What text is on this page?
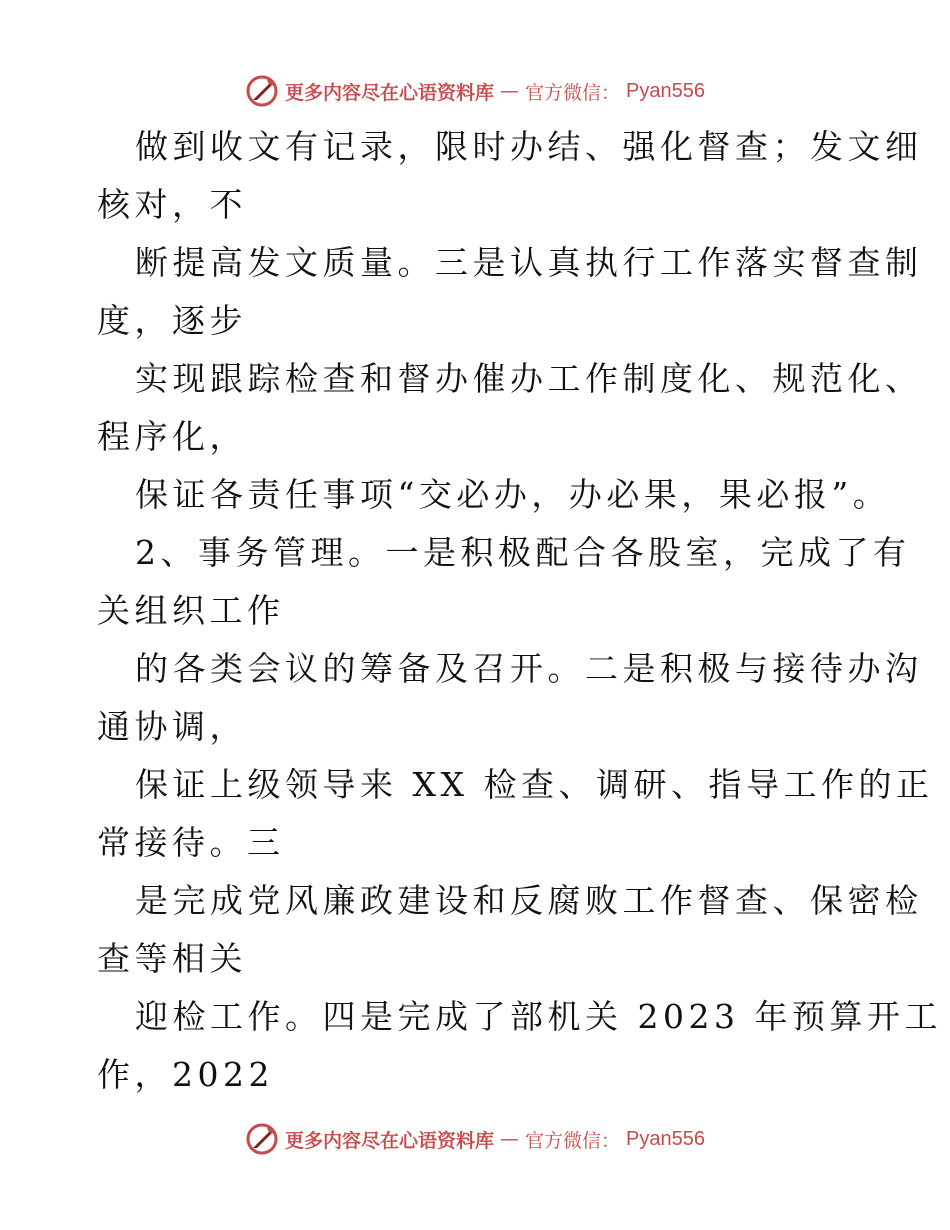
更多内容尽在心语资料库 — 官方微信： Pyan556
做到收文有记录，限时办结、强化督查；发文细
核对，不
断提高发文质量。三是认真执行工作落实督查制
度，逐步
实现跟踪检查和督办催办工作制度化、规范化、
程序化，
保证各责任事项“交必办，办必果，果必报”。
2、事务管理。一是积极配合各股室，完成了有
关组织工作
的各类会议的筹备及召开。二是积极与接待办沟
通协调，
保证上级领导来 XX 检查、调研、指导工作的正
常接待。三
是完成党风廉政建设和反腐败工作督查、保密检
查等相关
迎检工作。四是完成了部机关 2023 年预算开工
作，2022
更多内容尽在心语资料库 — 官方微信： Pyan556
